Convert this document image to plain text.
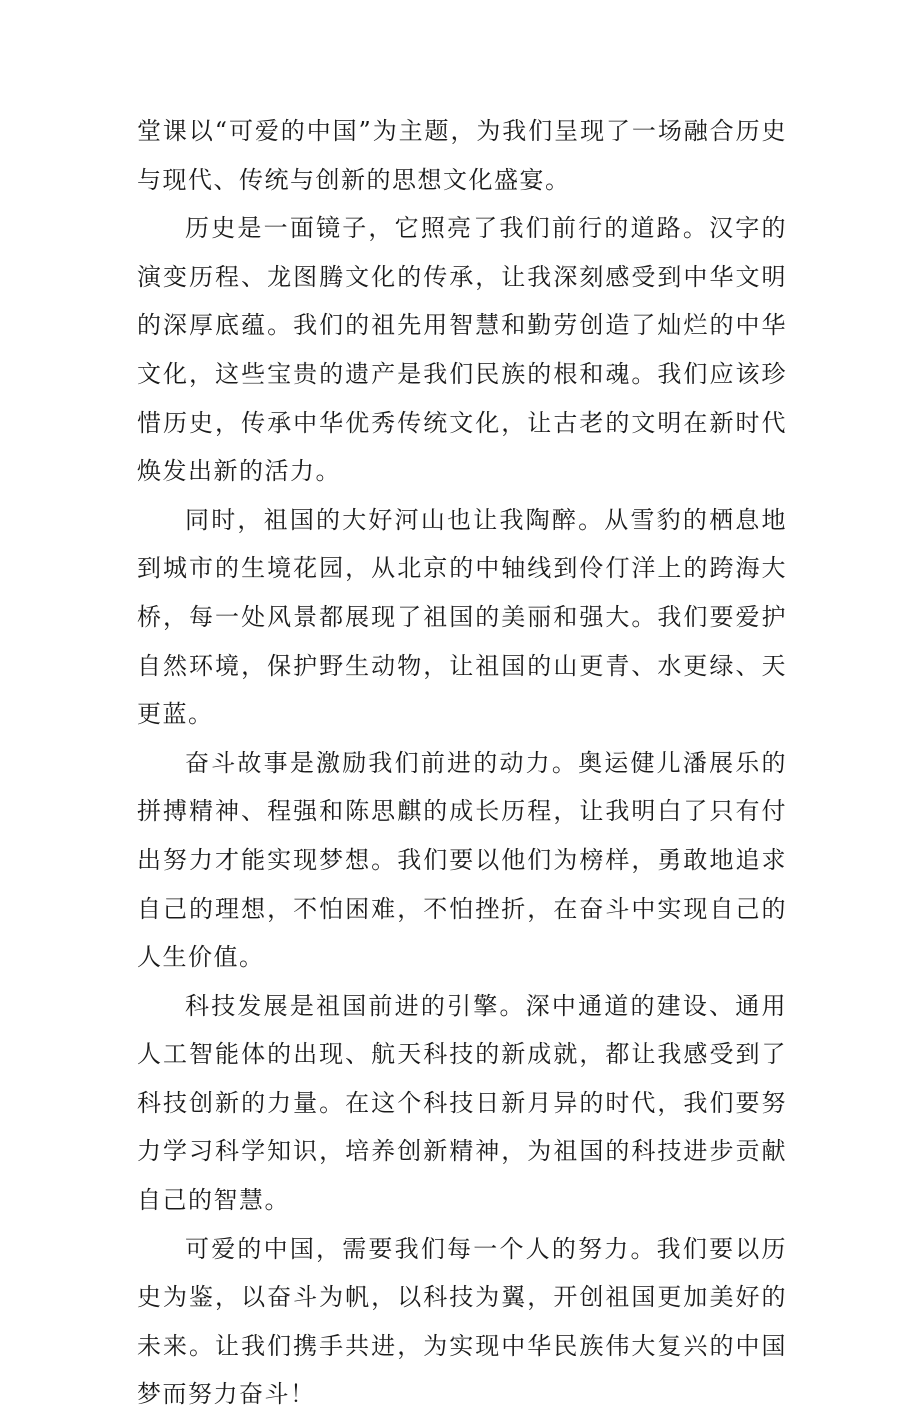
堂课以“可爱的中国”为主题，为我们呈现了一场融合历史与现代、传统与创新的思想文化盛宴。

历史是一面镜子，它照亮了我们前行的道路。汉字的演变历程、龙图腾文化的传承，让我深刻感受到中华文明的深厚底蕴。我们的祖先用智慧和勤劳创造了灿烂的中华文化，这些宝贵的遗产是我们民族的根和魂。我们应该珍惜历史，传承中华优秀传统文化，让古老的文明在新时代焕发出新的活力。

同时，祖国的大好河山也让我陶醉。从雪豹的栖息地到城市的生境花园，从北京的中轴线到伶仃洋上的跨海大桥，每一处风景都展现了祖国的美丽和强大。我们要爱护自然环境，保护野生动物，让祖国的山更青、水更绿、天更蓝。

奋斗故事是激励我们前进的动力。奥运健儿潘展乐的拼搏精神、程强和陈思麒的成长历程，让我明白了只有付出努力才能实现梦想。我们要以他们为榜样，勇敢地追求自己的理想，不怕困难，不怕挫折，在奋斗中实现自己的人生价值。

科技发展是祖国前进的引擎。深中通道的建设、通用人工智能体的出现、航天科技的新成就，都让我感受到了科技创新的力量。在这个科技日新月异的时代，我们要努力学习科学知识，培养创新精神，为祖国的科技进步贡献自己的智慧。

可爱的中国，需要我们每一个人的努力。我们要以历史为鉴，以奋斗为帆，以科技为翼，开创祖国更加美好的未来。让我们携手共进，为实现中华民族伟大复兴的中国梦而努力奋斗！
